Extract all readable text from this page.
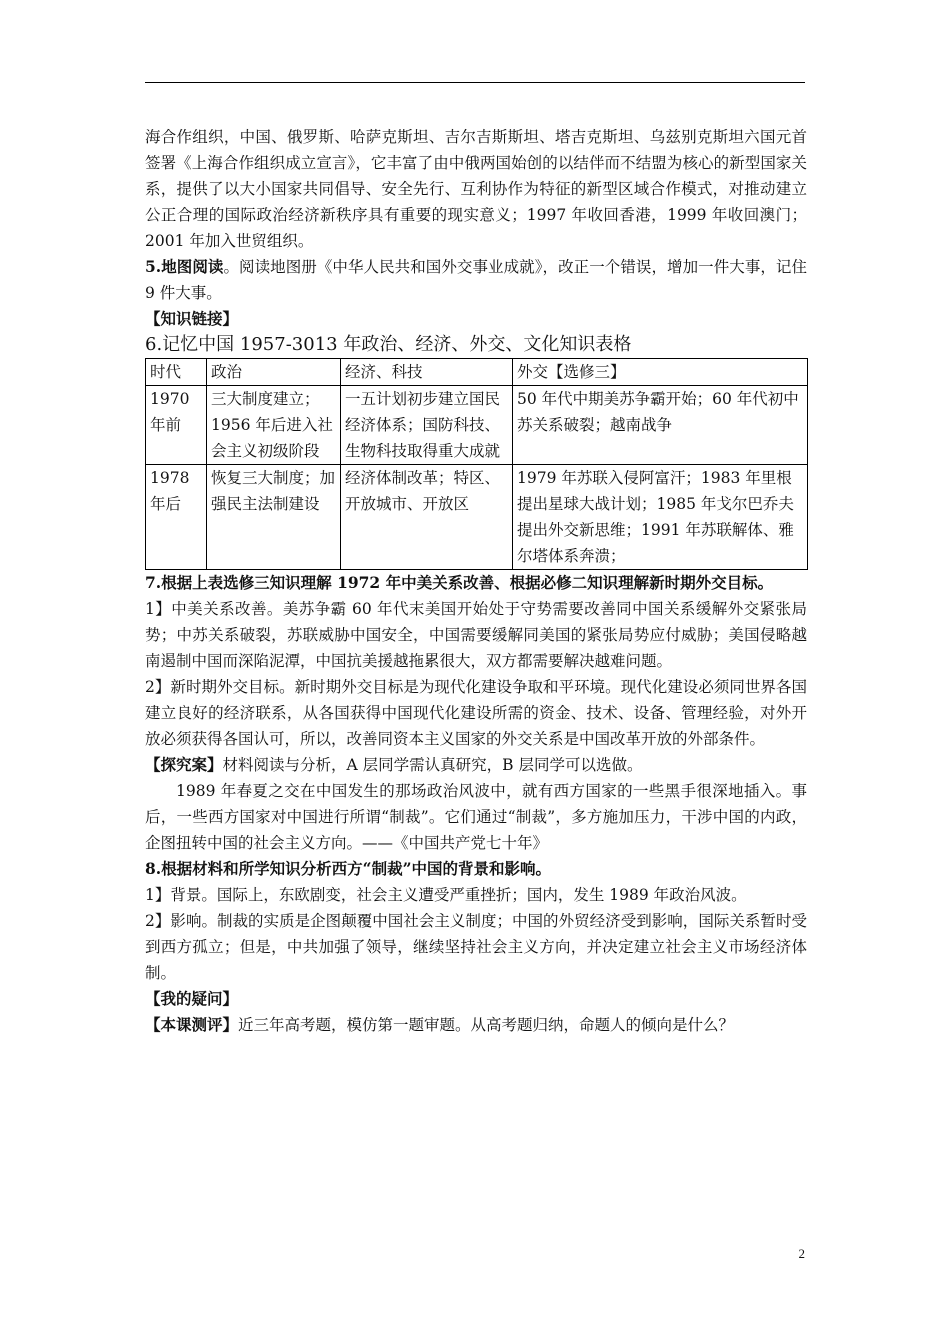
海合作组织，中国、俄罗斯、哈萨克斯坦、吉尔吉斯斯坦、塔吉克斯坦、乌兹别克斯坦六国元首签署《上海合作组织成立宣言》，它丰富了由中俄两国始创的以结伴而不结盟为核心的新型国家关系，提供了以大小国家共同倡导、安全先行、互利协作为特征的新型区域合作模式，对推动建立公正合理的国际政治经济新秩序具有重要的现实意义；1997 年收回香港，1999 年收回澳门；2001 年加入世贸组织。

5.地图阅读。阅读地图册《中华人民共和国外交事业成就》，改正一个错误，增加一件大事，记住 9 件大事。

【知识链接】

6.记忆中国 1957-3013 年政治、经济、外交、文化知识表格

时代	政治	经济、科技	外交【选修三】
1970 年前	三大制度建立；1956 年后进入社会主义初级阶段	一五计划初步建立国民经济体系；国防科技、生物科技取得重大成就	50 年代中期美苏争霸开始；60 年代初中苏关系破裂；越南战争
1978 年后	恢复三大制度；加强民主法制建设	经济体制改革；特区、开放城市、开放区	1979 年苏联入侵阿富汗；1983 年里根提出星球大战计划；1985 年戈尔巴乔夫提出外交新思维；1991 年苏联解体、雅尔塔体系奔溃；

7.根据上表选修三知识理解 1972 年中美关系改善、根据必修二知识理解新时期外交目标。

1】中美关系改善。美苏争霸 60 年代末美国开始处于守势需要改善同中国关系缓解外交紧张局势；中苏关系破裂，苏联威胁中国安全，中国需要缓解同美国的紧张局势应付威胁；美国侵略越南遏制中国而深陷泥潭，中国抗美援越拖累很大，双方都需要解决越难问题。

2】新时期外交目标。新时期外交目标是为现代化建设争取和平环境。现代化建设必须同世界各国建立良好的经济联系，从各国获得中国现代化建设所需的资金、技术、设备、管理经验，对外开放必须获得各国认可，所以，改善同资本主义国家的外交关系是中国改革开放的外部条件。

【探究案】材料阅读与分析，A 层同学需认真研究，B 层同学可以选做。

1989 年春夏之交在中国发生的那场政治风波中，就有西方国家的一些黑手很深地插入。事后，一些西方国家对中国进行所谓“制裁”。它们通过“制裁”，多方施加压力，干涉中国的内政，企图扭转中国的社会主义方向。——《中国共产党七十年》

8.根据材料和所学知识分析西方“制裁”中国的背景和影响。

1】背景。国际上，东欧剧变，社会主义遭受严重挫折；国内，发生 1989 年政治风波。

2】影响。制裁的实质是企图颠覆中国社会主义制度；中国的外贸经济受到影响，国际关系暂时受到西方孤立；但是，中共加强了领导，继续坚持社会主义方向，并决定建立社会主义市场经济体制。

【我的疑问】

【本课测评】近三年高考题，模仿第一题审题。从高考题归纳，命题人的倾向是什么？

2
